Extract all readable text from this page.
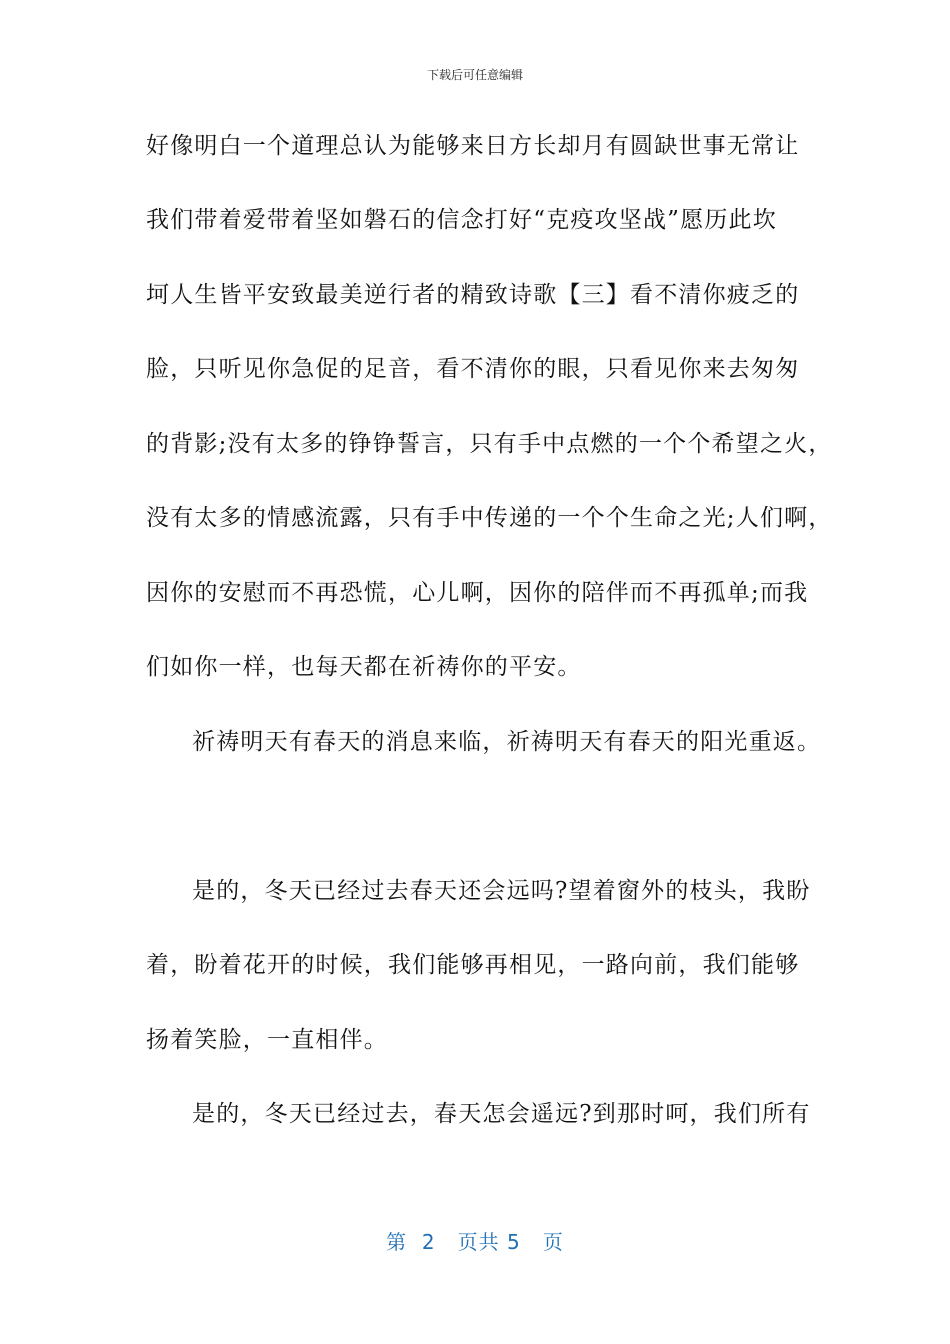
下载后可任意编辑
好像明白一个道理总认为能够来日方长却月有圆缺世事无常让
我们带着爱带着坚如磐石的信念打好“克疫攻坚战”愿历此坎
坷人生皆平安致最美逆行者的精致诗歌【三】看不清你疲乏的
脸，只听见你急促的足音，看不清你的眼，只看见你来去匆匆
的背影;没有太多的铮铮誓言，只有手中点燃的一个个希望之火，
没有太多的情感流露，只有手中传递的一个个生命之光;人们啊，
因你的安慰而不再恐慌，心儿啊，因你的陪伴而不再孤单;而我
们如你一样，也每天都在祈祷你的平安。
祈祷明天有春天的消息来临，祈祷明天有春天的阳光重返。
是的，冬天已经过去春天还会远吗?望着窗外的枝头，我盼
着，盼着花开的时候，我们能够再相见，一路向前，我们能够
扬着笑脸，一直相伴。
是的，冬天已经过去，春天怎会遥远?到那时呵，我们所有
第  2   页共 5   页
